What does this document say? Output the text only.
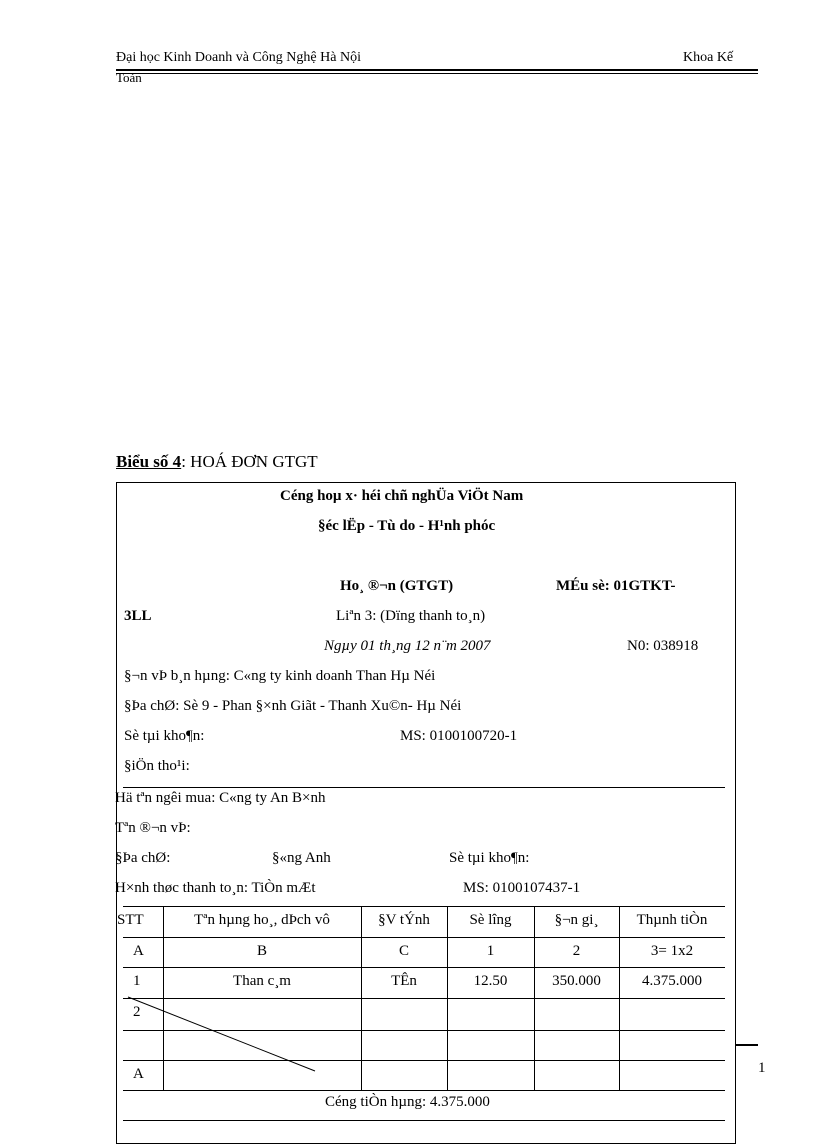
Đại học Kinh Doanh và Công Nghệ Hà Nội	Khoa Kế
Toán
Biểu số 4: HOÁ ĐƠN GTGT
Céng hoµ x· héi chñ nghÜa ViÖt Nam
§éc lËp - Tù do - H¹nh phóc
Ho¸ ®¬n (GTGT)	MÉu sè: 01GTKT-
3LL	Liªn 3: (Dïng thanh to¸n)
Ngµy 01 th¸ng 12 n¨m 2007	N0: 038918
§¬n vÞ b¸n hµng: C«ng ty kinh doanh Than Hµ Néi
§Þa chØ: Sè 9 - Phan §×nh Giãt - Thanh Xu©n- Hµ Néi
Sè tµi kho¶n:	MS: 0100100720-1
§iÖn tho¹i:
Hä tªn ngêi mua: C«ng ty An B×nh
Tªn ®¬n vÞ:
§Þa chØ:	§«ng Anh	Sè tµi kho¶n:
H×nh thøc thanh to¸n: TiÒn mÆt	MS: 0100107437-1
STT	Tªn hµng ho¸, dÞch vô	§V tÝnh	Sè lîng	§¬n gi¸	Thµnh tiÒn
A	B	C	1	2	3= 1x2
1	Than c¸m	TÊn	12.50	350.000	4.375.000
2
A
Céng tiÒn hµng: 4.375.000
1
